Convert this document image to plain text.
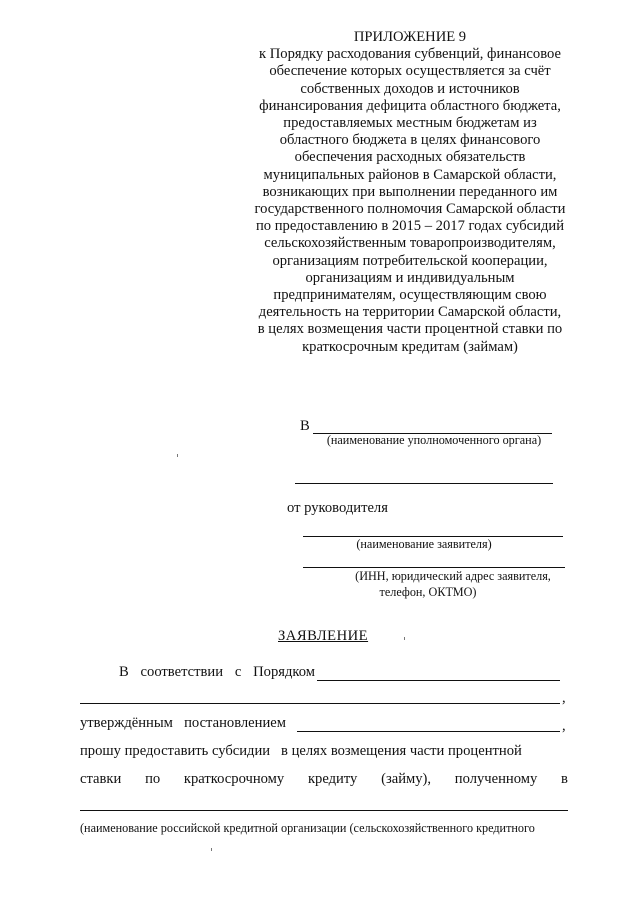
ПРИЛОЖЕНИЕ 9
к Порядку расходования субвенций, финансовое
обеспечение которых осуществляется за счёт
собственных доходов и источников
финансирования дефицита областного бюджета,
предоставляемых местным бюджетам из
областного бюджета в целях финансового
обеспечения расходных обязательств
муниципальных районов в Самарской области,
возникающих при выполнении переданного им
государственного полномочия Самарской области
по предоставлению в 2015 – 2017 годах субсидий
сельскохозяйственным товаропроизводителям,
организациям потребительской кооперации,
организациям и индивидуальным
предпринимателям, осуществляющим свою
деятельность на территории Самарской области,
в целях возмещения части процентной ставки по
краткосрочным кредитам (займам)
В
(наименование уполномоченного органа)
от руководителя
(наименование заявителя)
(ИНН, юридический адрес заявителя,
телефон, ОКТМО)
ЗАЯВЛЕНИЕ
В соответствии с Порядком
,
утверждённым постановлением	,
прошу предоставить субсидии   в целях возмещения части процентной
ставки по краткосрочному кредиту (займу), полученному в
(наименование российской кредитной организации (сельскохозяйственного кредитного
